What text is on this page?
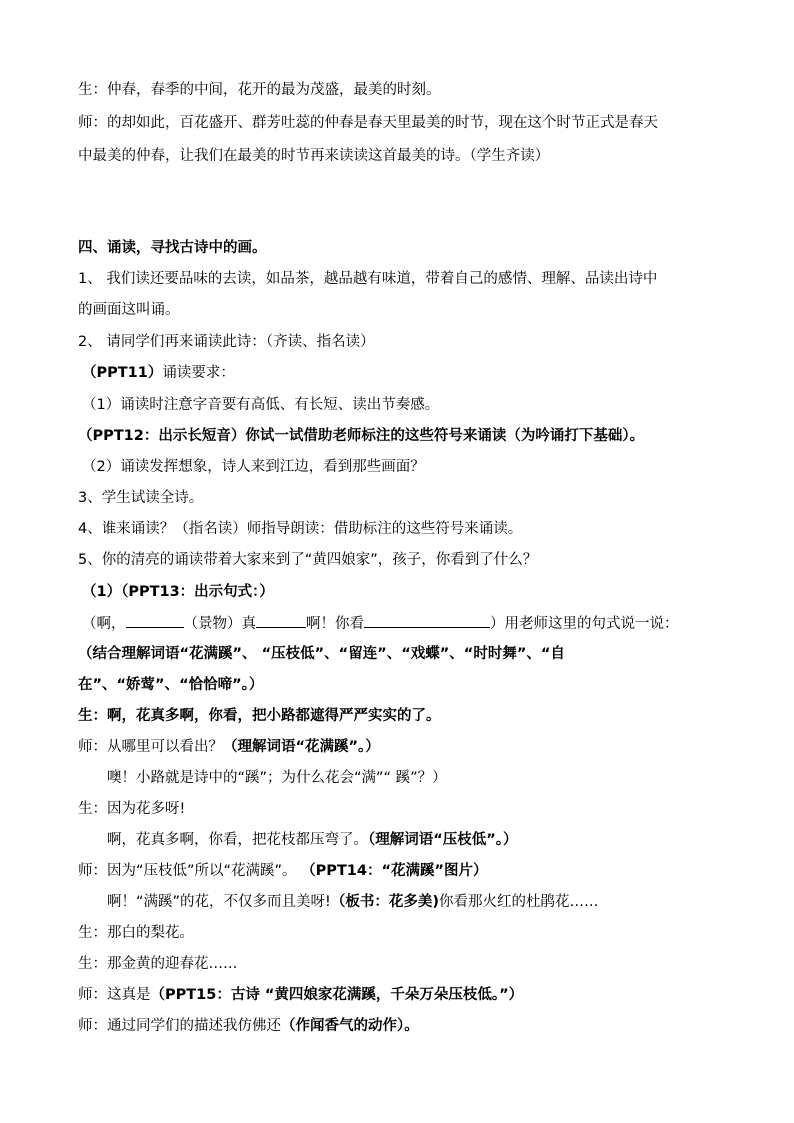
生：仲春，春季的中间，花开的最为茂盛，最美的时刻。
师：的却如此，百花盛开、群芳吐蕊的仲春是春天里最美的时节，现在这个时节正式是春天
中最美的仲春，让我们在最美的时节再来读读这首最美的诗。（学生齐读）
四、诵读，寻找古诗中的画。
1、 我们读还要品味的去读，如品茶，越品越有味道，带着自己的感情、理解、品读出诗中
的画面这叫诵。
2、 请同学们再来诵读此诗：（齐读、指名读）
（PPT11）诵读要求：
（1）诵读时注意字音要有高低、有长短、读出节奏感。
（PPT12：出示长短音）你试一试借助老师标注的这些符号来诵读（为吟诵打下基础）。
（2）诵读发挥想象，诗人来到江边，看到那些画面？
3、学生试读全诗。
4、谁来诵读？（指名读）师指导朗读：借助标注的这些符号来诵读。
5、你的清亮的诵读带着大家来到了“黄四娘家”，孩子，你看到了什么？
（1）（PPT13：出示句式：）
（啊，	（景物）真	啊！你看	）用老师这里的句式说一说：
（结合理解词语“花满蹊”、 “压枝低”、“留连”、“戏蝶”、“时时舞”、“自
在”、“娇莺”、“恰恰啼”。）
生：啊，花真多啊，你看，把小路都遮得严严实实的了。
师：从哪里可以看出？（理解词语“花满蹊”。）
噢！小路就是诗中的“蹊”；为什么花会“满”“ 蹊”？）
生：因为花多呀!
啊，花真多啊，你看，把花枝都压弯了。（理解词语“压枝低”。）
师：因为“压枝低”所以“花满蹊”。 （PPT14：“花满蹊”图片）
啊！“满蹊”的花，不仅多而且美呀!（板书：花多美)你看那火红的杜鹃花……
生：那白的梨花。
生：那金黄的迎春花……
师：这真是（PPT15：古诗 “黄四娘家花满蹊，千朵万朵压枝低。”）
师：通过同学们的描述我仿佛还（作闻香气的动作）。
